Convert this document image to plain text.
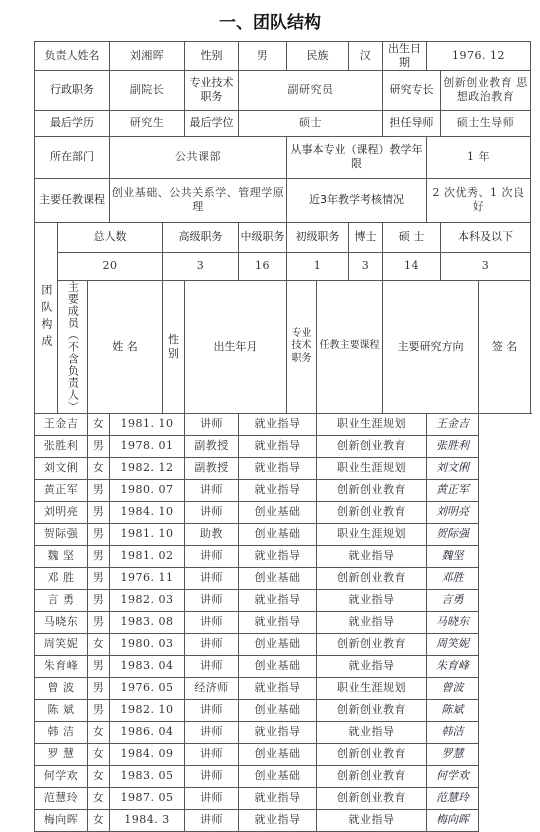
一、团队结构
负责人姓名			刘湘晖		性别	男	民族		汉	出生日期	1976. 12		
行政职务			副院长		专业技术职务	副研究员				研究专长		创新创业教育 思想政治教育	
最后学历			研究生		最后学位	硕士				担任导师		硕士生导师	
所在部门			公共课部				从事本专业（课程）教学年限				1 年		
主要任教课程			创业基础、公共关系学、管理学原理				近3年教学考核情况				2 次优秀、1 次良好		
团队构成	总人数			高级职务		中级职务	初级职务		博士	硕 士		本科及以下	
	20			3		16	1		3	14		3	
	主要成员（不含负责人）	姓 名		性别	出生年月		专业技术职务	任教主要课程		主要研究方向			签 名
王金吉		女	1981. 10		讲师	就业指导		职业生涯规划			王金吉		
张胜利		男	1978. 01		副教授	就业指导		创新创业教育			张胜利		
刘文俐		女	1982. 12		副教授	就业指导		职业生涯规划			刘文俐		
黄正军		男	1980. 07		讲师	就业指导		创新创业教育			黄正军		
刘明亮		男	1984. 10		讲师	创业基础		创新创业教育			刘明亮		
贺际强		男	1981. 10		助教	创业基础		职业生涯规划			贺际强		
魏 坚		男	1981. 02		讲师	就业指导		就业指导			魏坚		
邓 胜		男	1976. 11		讲师	创业基础		创新创业教育			邓胜		
言 勇		男	1982. 03		讲师	就业指导		就业指导			言勇		
马晓东		男	1983. 08		讲师	就业指导		就业指导			马晓东		
周笑妮		女	1980. 03		讲师	创业基础		创新创业教育			周笑妮		
朱育峰		男	1983. 04		讲师	创业基础		就业指导			朱育峰		
曾 波		男	1976. 05		经济师	就业指导		职业生涯规划			曾波		
陈 斌		男	1982. 10		讲师	创业基础		创新创业教育			陈斌		
韩 洁		女	1986. 04		讲师	就业指导		就业指导			韩洁		
罗 慧		女	1984. 09		讲师	创业基础		创新创业教育			罗慧		
何学欢		女	1983. 05		讲师	创业基础		创新创业教育			何学欢		
范慧玲		女	1987. 05		讲师	就业指导		创新创业教育			范慧玲		
梅向晖		女	1984. 3		讲师	就业指导		就业指导			梅向晖		
